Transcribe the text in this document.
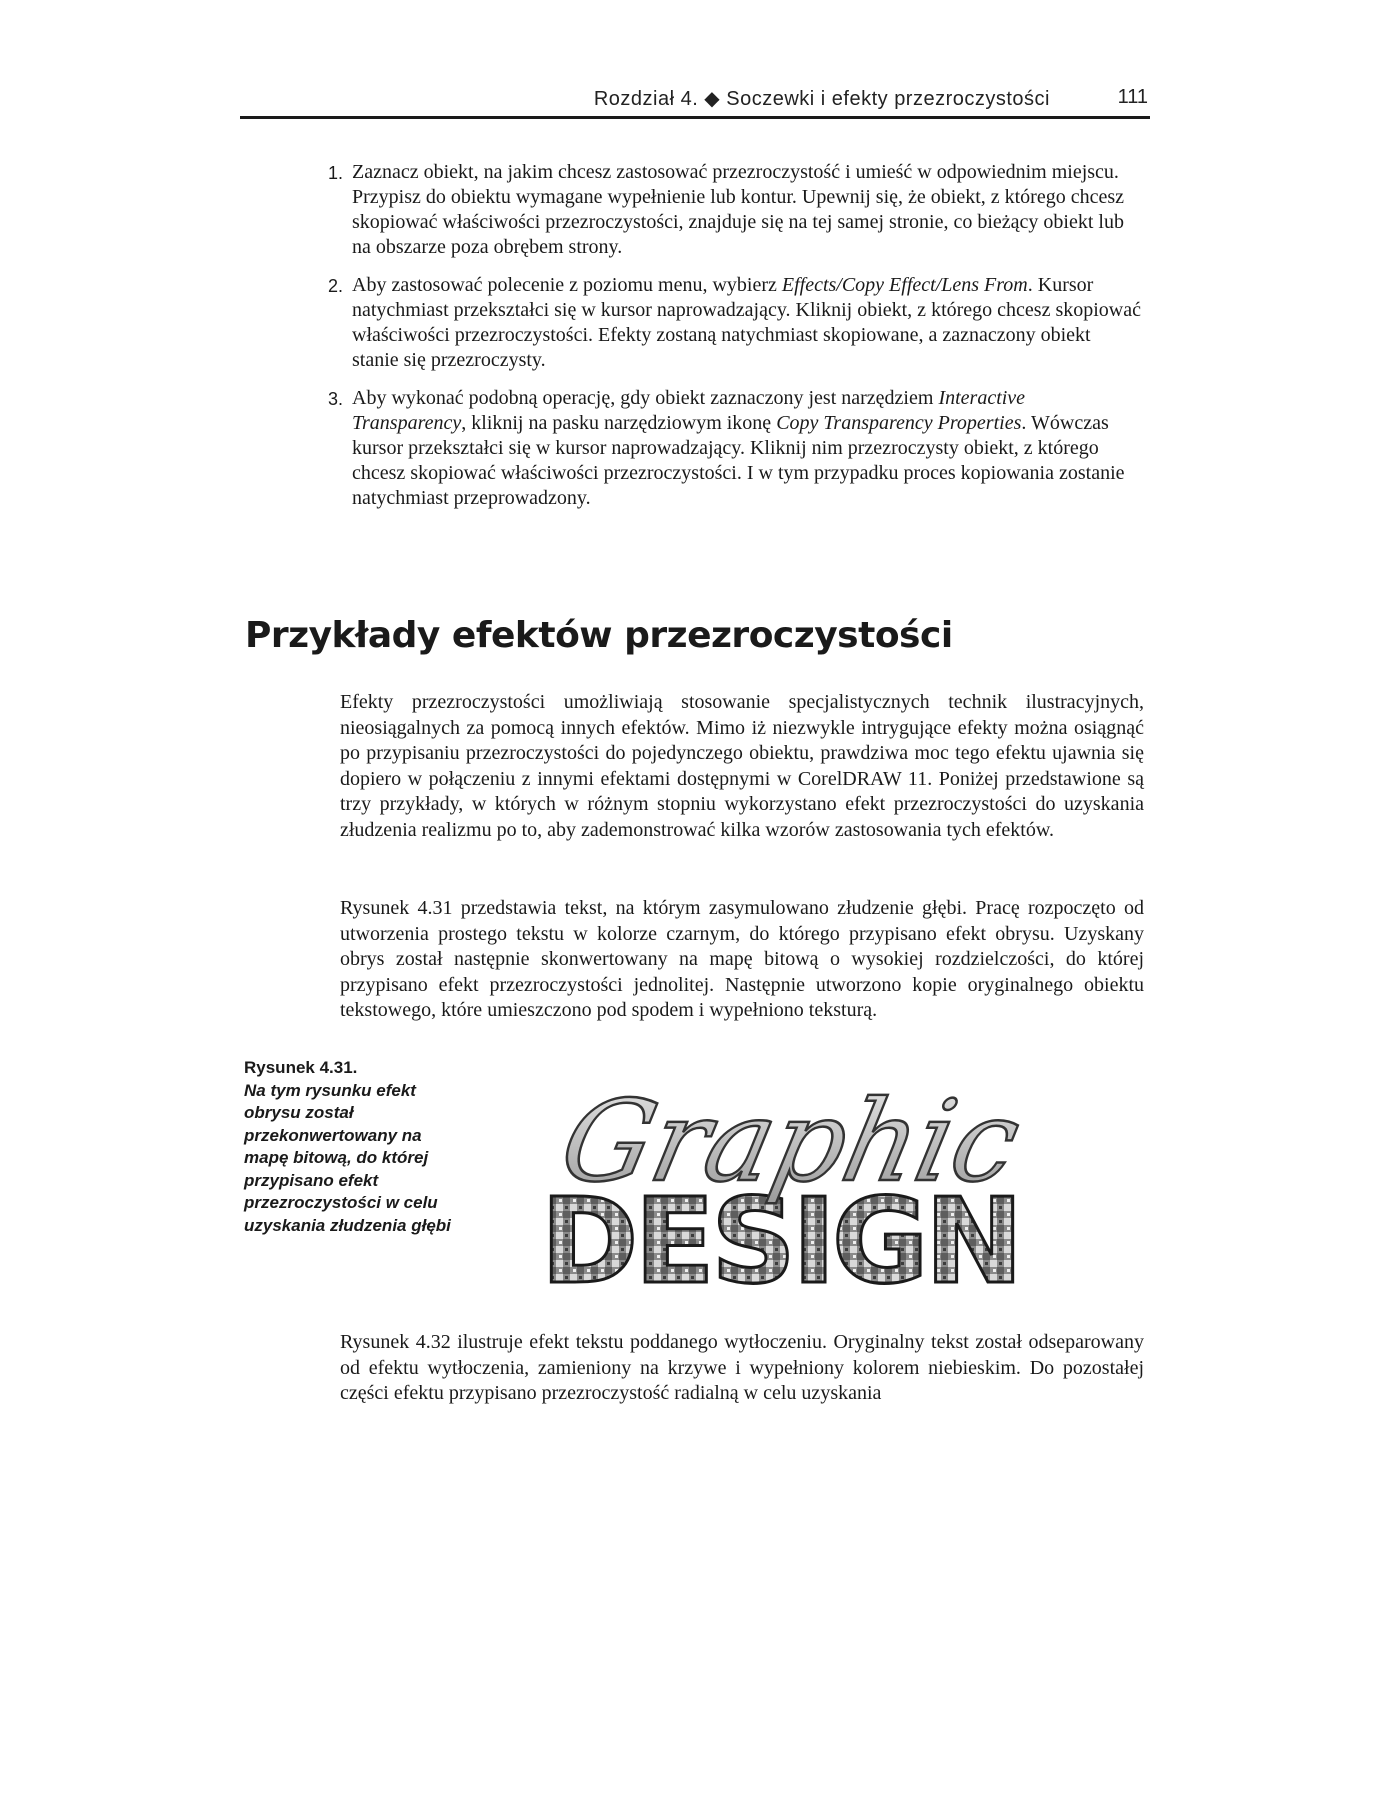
Rozdział 4. ◆ Soczewki i efekty przezroczystości	111
1. Zaznacz obiekt, na jakim chcesz zastosować przezroczystość i umieść w odpowiednim miejscu. Przypisz do obiektu wymagane wypełnienie lub kontur. Upewnij się, że obiekt, z którego chcesz skopiować właściwości przezroczystości, znajduje się na tej samej stronie, co bieżący obiekt lub na obszarze poza obrębem strony.
2. Aby zastosować polecenie z poziomu menu, wybierz Effects/Copy Effect/Lens From. Kursor natychmiast przekształci się w kursor naprowadzający. Kliknij obiekt, z którego chcesz skopiować właściwości przezroczystości. Efekty zostaną natychmiast skopiowane, a zaznaczony obiekt stanie się przezroczysty.
3. Aby wykonać podobną operację, gdy obiekt zaznaczony jest narzędziem Interactive Transparency, kliknij na pasku narzędziowym ikonę Copy Transparency Properties. Wówczas kursor przekształci się w kursor naprowadzający. Kliknij nim przezroczysty obiekt, z którego chcesz skopiować właściwości przezroczystości. I w tym przypadku proces kopiowania zostanie natychmiast przeprowadzony.
Przykłady efektów przezroczystości

Efekty przezroczystości umożliwiają stosowanie specjalistycznych technik ilustracyjnych, nieosiągalnych za pomocą innych efektów. Mimo iż niezwykle intrygujące efekty można osiągnąć po przypisaniu przezroczystości do pojedynczego obiektu, prawdziwa moc tego efektu ujawnia się dopiero w połączeniu z innymi efektami dostępnymi w CorelDRAW 11. Poniżej przedstawione są trzy przykłady, w których w różnym stopniu wykorzystano efekt przezroczystości do uzyskania złudzenia realizmu po to, aby zademonstrować kilka wzorów zastosowania tych efektów.

Rysunek 4.31 przedstawia tekst, na którym zasymulowano złudzenie głębi. Pracę rozpoczęto od utworzenia prostego tekstu w kolorze czarnym, do którego przypisano efekt obrysu. Uzyskany obrys został następnie skonwertowany na mapę bitową o wysokiej rozdzielczości, do której przypisano efekt przezroczystości jednolitej. Następnie utworzono kopie oryginalnego obiektu tekstowego, które umieszczono pod spodem i wypełniono teksturą.

Rysunek 4.31.
Na tym rysunku efekt obrysu został przekonwertowany na mapę bitową, do której przypisano efekt przezroczystości w celu uzyskania złudzenia głębi DESIGN
Graphic

Rysunek 4.32 ilustruje efekt tekstu poddanego wytłoczeniu. Oryginalny tekst został odseparowany od efektu wytłoczenia, zamieniony na krzywe i wypełniony kolorem niebieskim. Do pozostałej części efektu przypisano przezroczystość radialną w celu uzyskania
